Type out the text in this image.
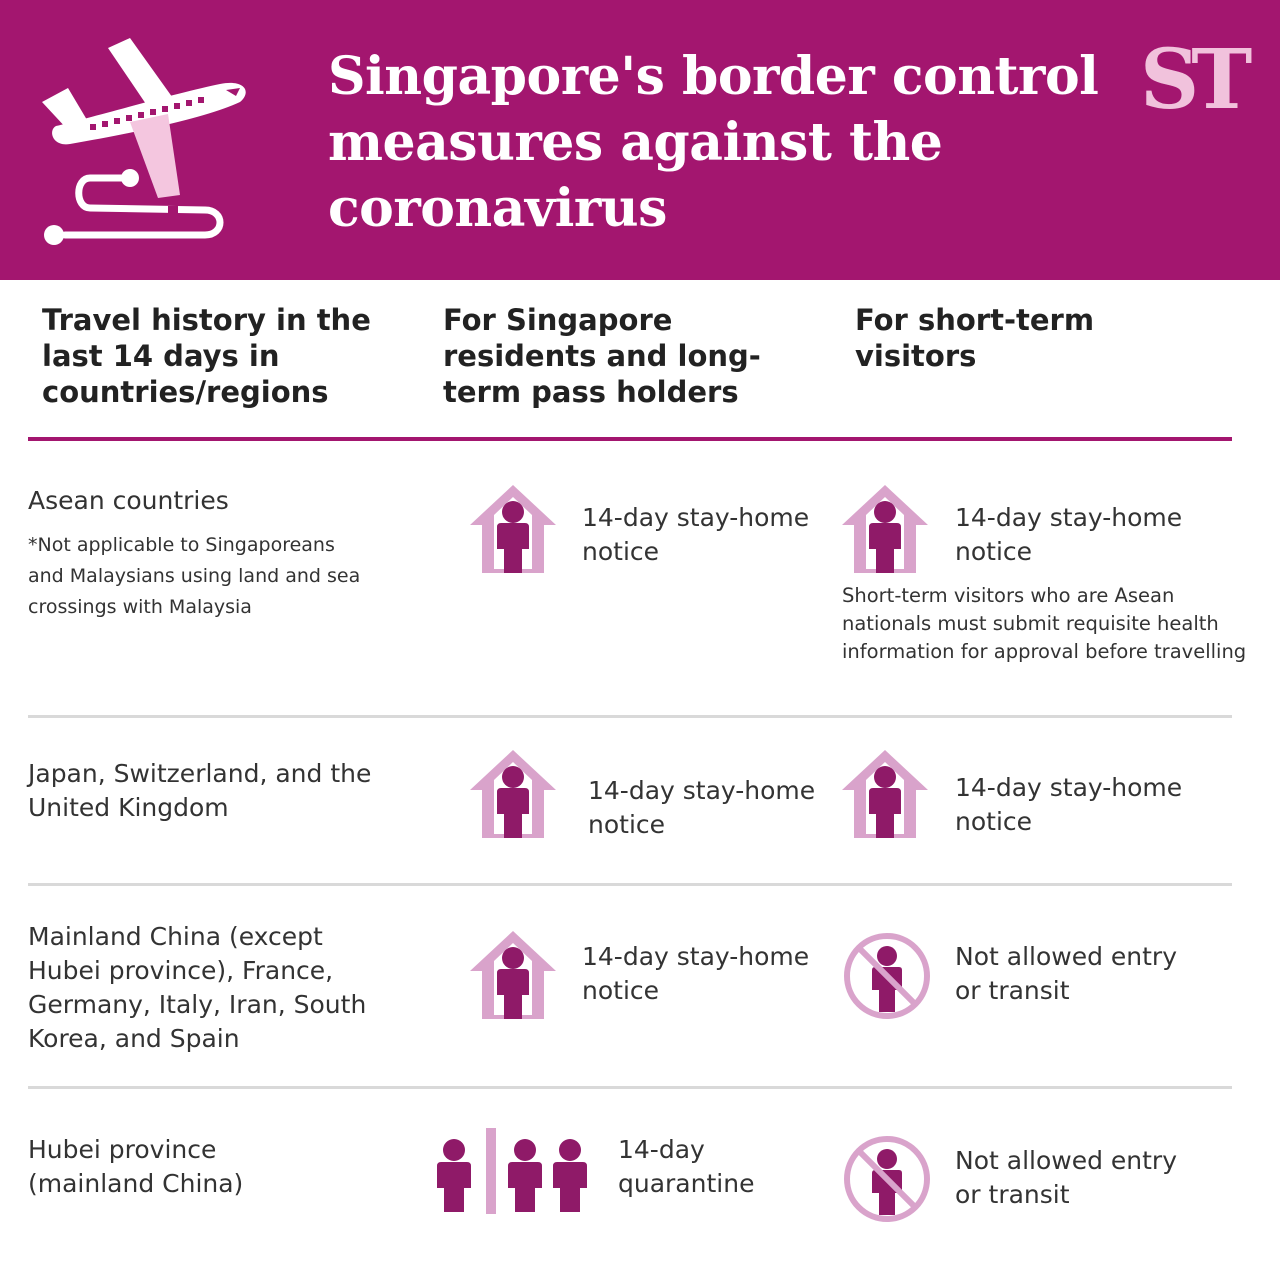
Singapore's border control measures against the coronavirus
ST
Travel history in the last 14 days in countries/regions
For Singapore residents and long-term pass holders
For short-term visitors
Asean countries
*Not applicable to Singaporeans and Malaysians using land and sea crossings with Malaysia
14-day stay-home notice
14-day stay-home notice
Short-term visitors who are Asean
nationals must submit requisite health
information for approval before travelling
Japan, Switzerland, and the United Kingdom
14-day stay-home notice
14-day stay-home notice
Mainland China (except Hubei province), France, Germany, Italy, Iran, South Korea, and Spain
14-day stay-home notice
Not allowed entry or transit
Hubei province (mainland China)
14-day quarantine
Not allowed entry or transit
